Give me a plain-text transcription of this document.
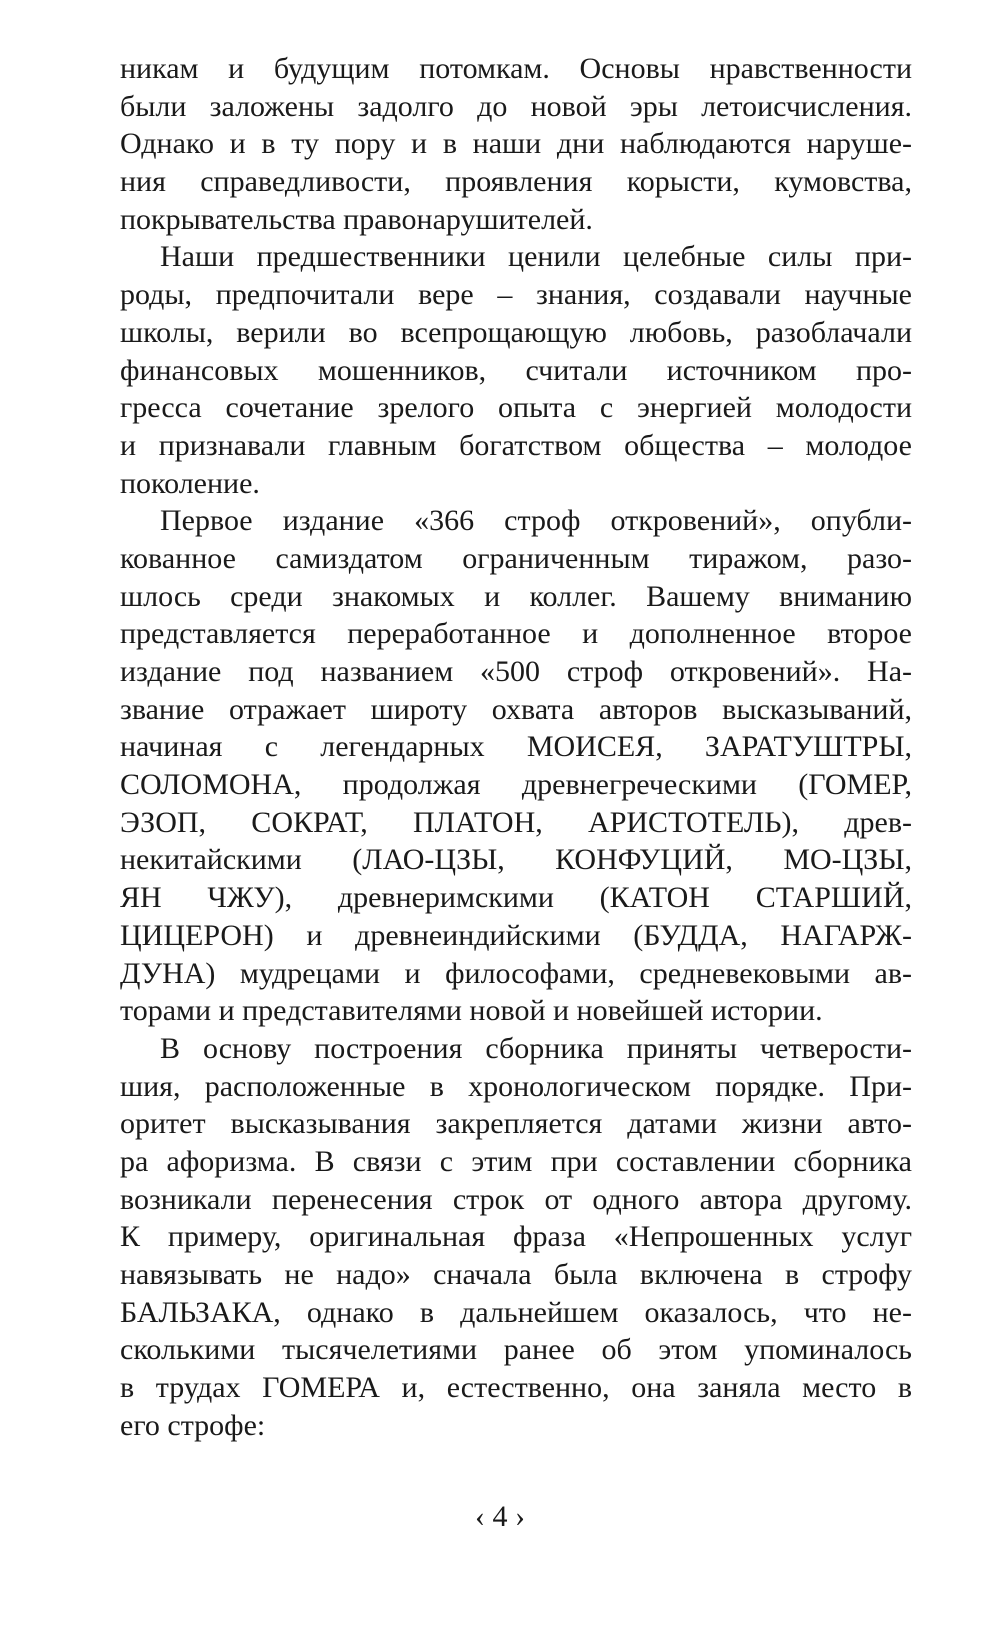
никам и будущим потомкам. Основы нравственности
были заложены задолго до новой эры летоисчисления.
Однако и в ту пору и в наши дни наблюдаются наруше-
ния справедливости, проявления корысти, кумовства,
покрывательства правонарушителей.
Наши предшественники ценили целебные силы при-
роды, предпочитали вере – знания, создавали научные
школы, верили во всепрощающую любовь, разоблачали
финансовых мошенников, считали источником про-
гресса сочетание зрелого опыта с энергией молодости
и признавали главным богатством общества – молодое
поколение.
Первое издание «366 строф откровений», опубли-
кованное самиздатом ограниченным тиражом, разо-
шлось среди знакомых и коллег. Вашему вниманию
представляется переработанное и дополненное второе
издание под названием «500 строф откровений». На-
звание отражает широту охвата авторов высказываний,
начиная с легендарных МОИСЕЯ, ЗАРАТУШТРЫ,
СОЛОМОНА, продолжая древнегреческими (ГОМЕР,
ЭЗОП, СОКРАТ, ПЛАТОН, АРИСТОТЕЛЬ), древ-
некитайскими (ЛАО-ЦЗЫ, КОНФУЦИЙ, МО-ЦЗЫ,
ЯН ЧЖУ), древнеримскими (КАТОН СТАРШИЙ,
ЦИЦЕРОН) и древнеиндийскими (БУДДА, НАГАРЖ-
ДУНА) мудрецами и философами, средневековыми ав-
торами и представителями новой и новейшей истории.
В основу построения сборника приняты четверости-
шия, расположенные в хронологическом порядке. При-
оритет высказывания закрепляется датами жизни авто-
ра афоризма. В связи с этим при составлении сборника
возникали перенесения строк от одного автора другому.
К примеру, оригинальная фраза «Непрошенных услуг
навязывать не надо» сначала была включена в строфу
БАЛЬЗАКА, однако в дальнейшем оказалось, что не-
сколькими тысячелетиями ранее об этом упоминалось
в трудах ГОМЕРА и, естественно, она заняла место в
его строфе:
‹ 4 ›
